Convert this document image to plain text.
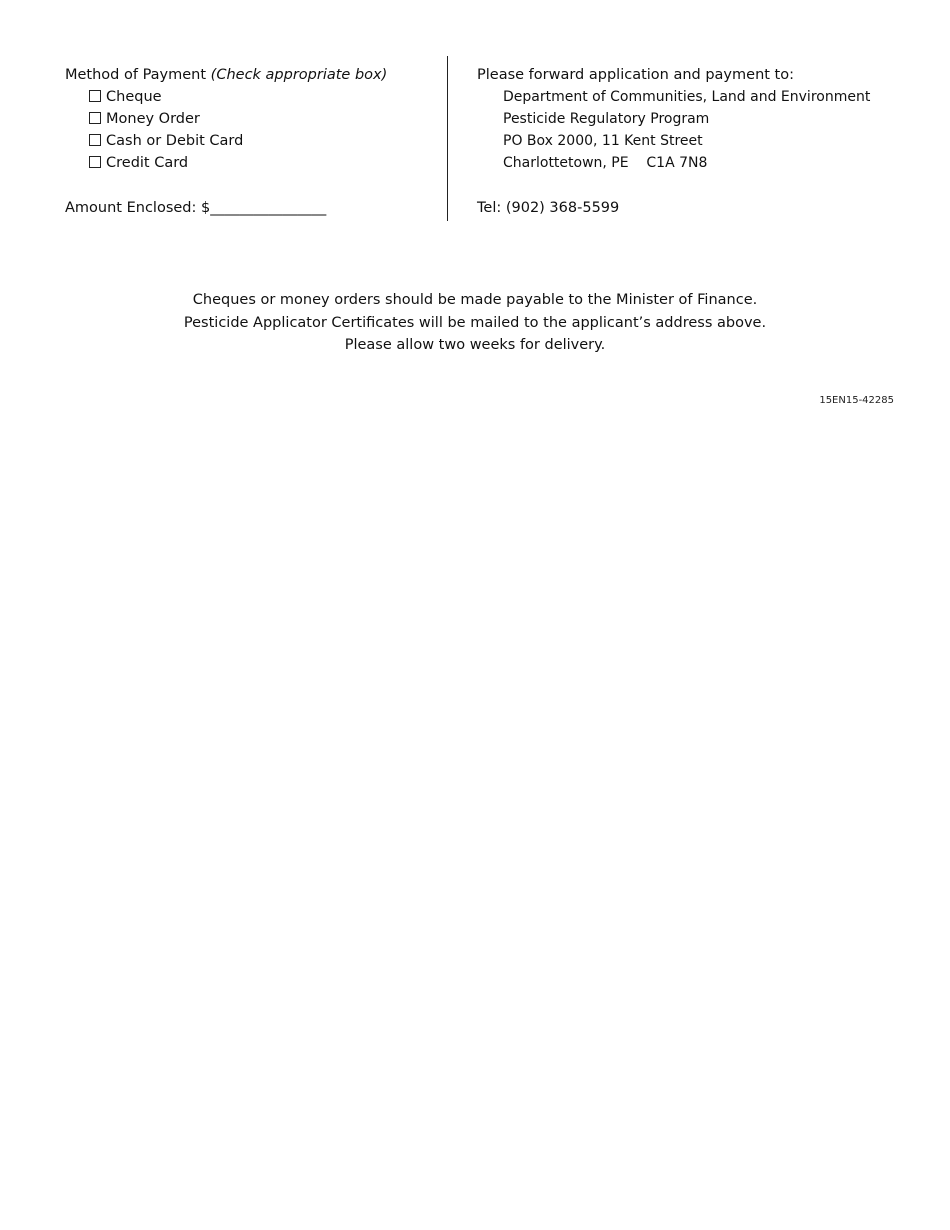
Method of Payment (Check appropriate box)
Cheque
Money Order
Cash or Debit Card
Credit Card
Amount Enclosed: $________________
Please forward application and payment to:
Department of Communities, Land and Environment
Pesticide Regulatory Program
PO Box 2000, 11 Kent Street
Charlottetown, PE    C1A 7N8
Tel: (902) 368-5599
Cheques or money orders should be made payable to the Minister of Finance.
Pesticide Applicator Certificates will be mailed to the applicant’s address above.
Please allow two weeks for delivery.
15EN15-42285
